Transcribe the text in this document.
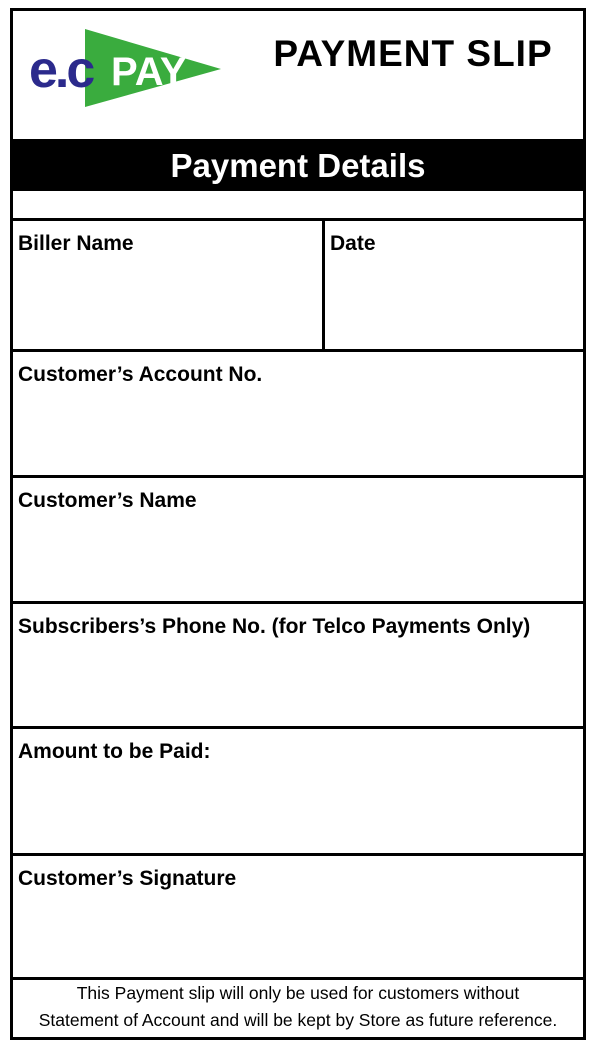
e.c PAY PAYMENT SLIP
Payment Details
Biller Name	Date
Customer’s Account No.
Customer’s Name
Subscribers’s Phone No. (for Telco Payments Only)
Amount to be Paid:
Customer’s Signature
This Payment slip will only be used for customers without
Statement of Account and will be kept by Store as future reference.
